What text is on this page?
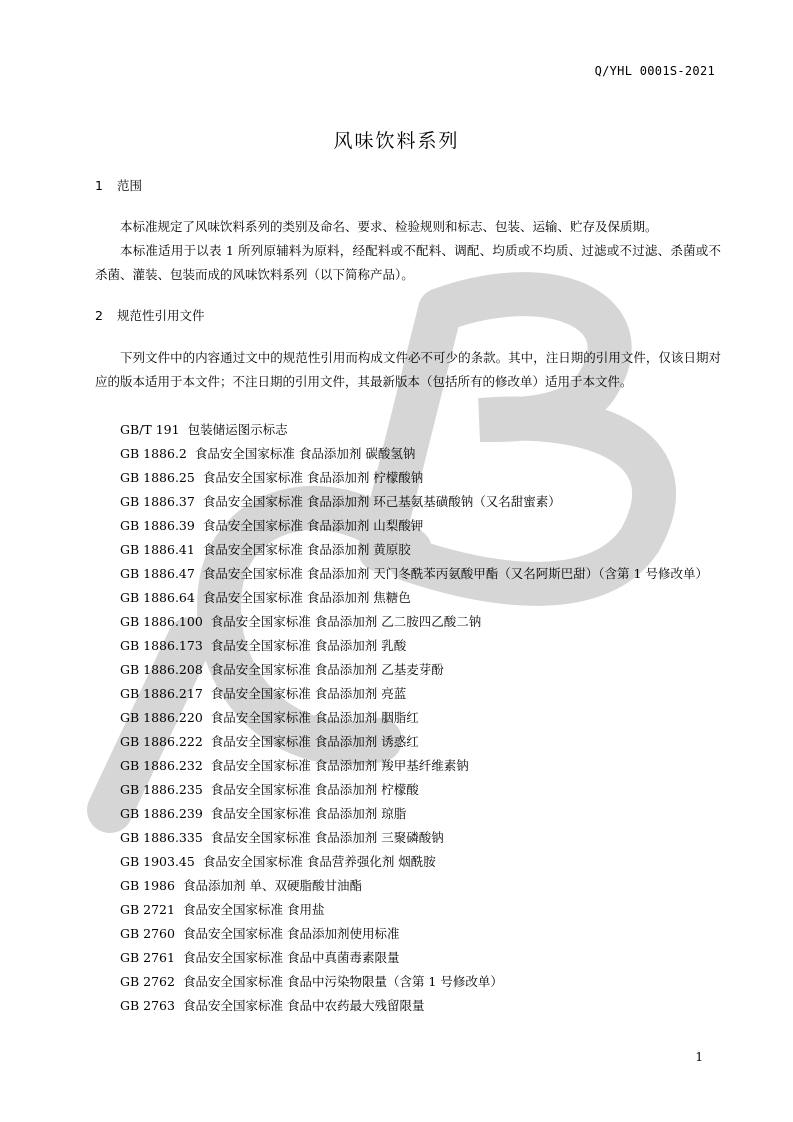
Q/YHL 0001S-2021
风味饮料系列
1 范围

本标准规定了风味饮料系列的类别及命名、要求、检验规则和标志、包装、运输、贮存及保质期。

本标准适用于以表 1 所列原辅料为原料，经配料或不配料、调配、均质或不均质、过滤或不过滤、杀菌或不杀菌、灌装、包装而成的风味饮料系列（以下简称产品）。

2 规范性引用文件

下列文件中的内容通过文中的规范性引用而构成文件必不可少的条款。其中，注日期的引用文件，仅该日期对应的版本适用于本文件；不注日期的引用文件，其最新版本（包括所有的修改单）适用于本文件。

GB/T 191 包装储运图示标志
GB 1886.2 食品安全国家标准 食品添加剂 碳酸氢钠
GB 1886.25 食品安全国家标准 食品添加剂 柠檬酸钠
GB 1886.37 食品安全国家标准 食品添加剂 环己基氨基磺酸钠（又名甜蜜素）
GB 1886.39 食品安全国家标准 食品添加剂 山梨酸钾
GB 1886.41 食品安全国家标准 食品添加剂 黄原胶
GB 1886.47 食品安全国家标准 食品添加剂 天门冬酰苯丙氨酸甲酯（又名阿斯巴甜）（含第 1 号修改单）
GB 1886.64 食品安全国家标准 食品添加剂 焦糖色
GB 1886.100 食品安全国家标准 食品添加剂 乙二胺四乙酸二钠
GB 1886.173 食品安全国家标准 食品添加剂 乳酸
GB 1886.208 食品安全国家标准 食品添加剂 乙基麦芽酚
GB 1886.217 食品安全国家标准 食品添加剂 亮蓝
GB 1886.220 食品安全国家标准 食品添加剂 胭脂红
GB 1886.222 食品安全国家标准 食品添加剂 诱惑红
GB 1886.232 食品安全国家标准 食品添加剂 羧甲基纤维素钠
GB 1886.235 食品安全国家标准 食品添加剂 柠檬酸
GB 1886.239 食品安全国家标准 食品添加剂 琼脂
GB 1886.335 食品安全国家标准 食品添加剂 三聚磷酸钠
GB 1903.45 食品安全国家标准 食品营养强化剂 烟酰胺
GB 1986 食品添加剂 单、双硬脂酸甘油酯
GB 2721 食品安全国家标准 食用盐
GB 2760 食品安全国家标准 食品添加剂使用标准
GB 2761 食品安全国家标准 食品中真菌毒素限量
GB 2762 食品安全国家标准 食品中污染物限量（含第 1 号修改单）
GB 2763 食品安全国家标准 食品中农药最大残留限量
1
